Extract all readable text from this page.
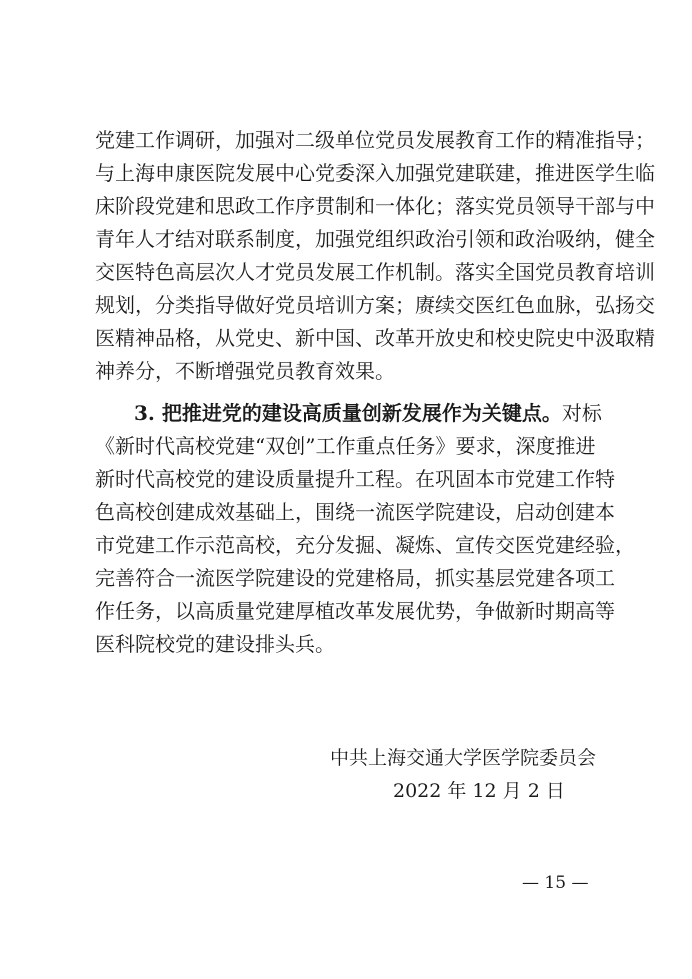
党建工作调研，加强对二级单位党员发展教育工作的精准指导；
与上海申康医院发展中心党委深入加强党建联建，推进医学生临
床阶段党建和思政工作序贯制和一体化；落实党员领导干部与中
青年人才结对联系制度，加强党组织政治引领和政治吸纳，健全
交医特色高层次人才党员发展工作机制。落实全国党员教育培训
规划，分类指导做好党员培训方案；赓续交医红色血脉，弘扬交
医精神品格，从党史、新中国、改革开放史和校史院史中汲取精
神养分，不断增强党员教育效果。
3. 把推进党的建设高质量创新发展作为关键点。对标
《新时代高校党建“双创”工作重点任务》要求，深度推进
新时代高校党的建设质量提升工程。在巩固本市党建工作特
色高校创建成效基础上，围绕一流医学院建设，启动创建本
市党建工作示范高校，充分发掘、凝炼、宣传交医党建经验，
完善符合一流医学院建设的党建格局，抓实基层党建各项工
作任务，以高质量党建厚植改革发展优势，争做新时期高等
医科院校党的建设排头兵。
中共上海交通大学医学院委员会
2022 年 12 月 2 日
— 15 —
